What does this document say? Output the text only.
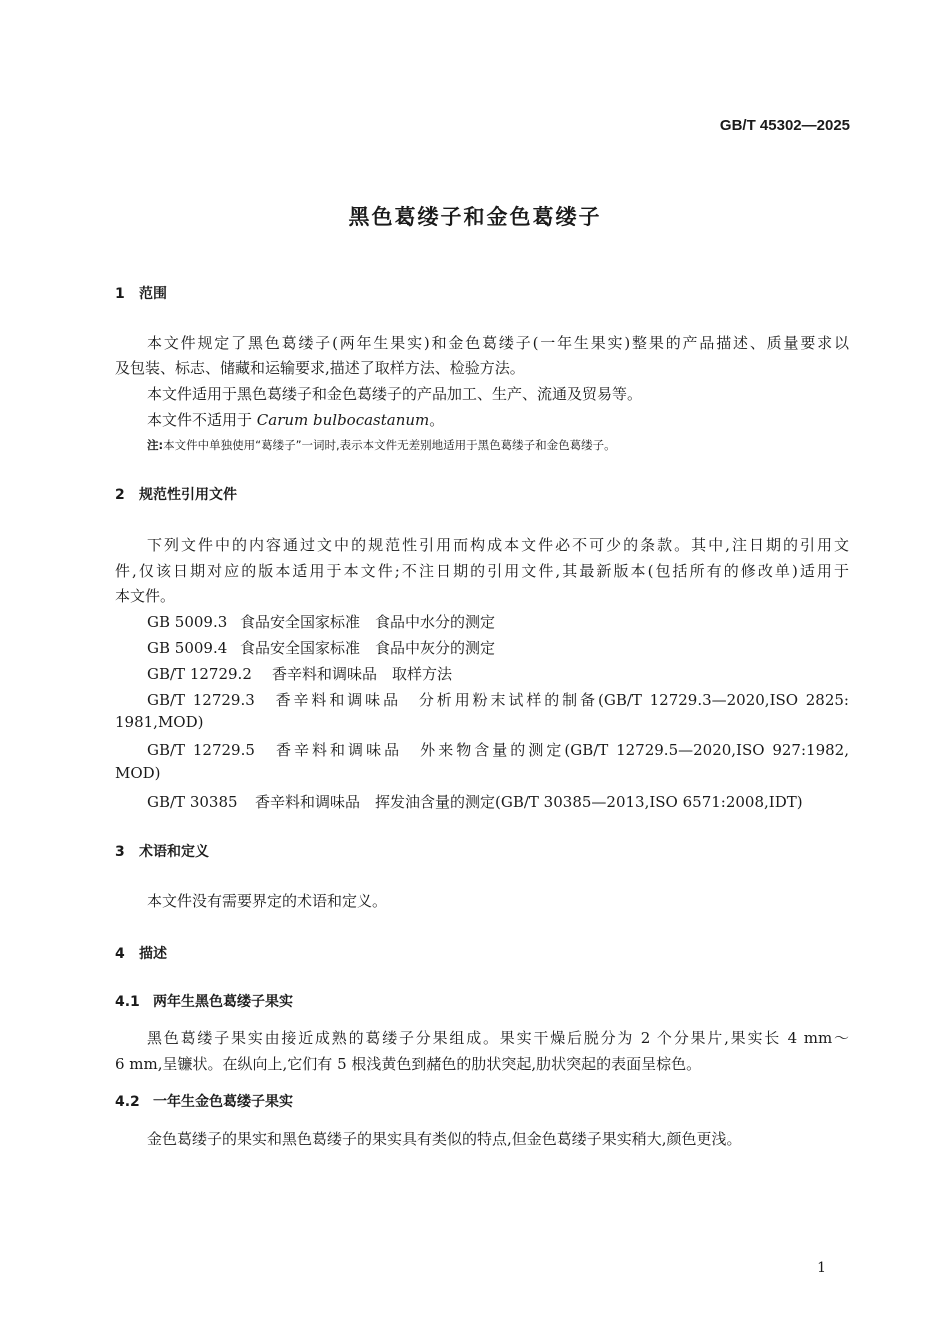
GB/T 45302—2025
黑色葛缕子和金色葛缕子
1 范围
本文件规定了黑色葛缕子(两年生果实)和金色葛缕子(一年生果实)整果的产品描述、质量要求以
及包装、标志、储藏和运输要求,描述了取样方法、检验方法。
本文件适用于黑色葛缕子和金色葛缕子的产品加工、生产、流通及贸易等。
本文件不适用于 Carum bulbocastanum。
注:本文件中单独使用“葛缕子”一词时,表示本文件无差别地适用于黑色葛缕子和金色葛缕子。
2 规范性引用文件
下列文件中的内容通过文中的规范性引用而构成本文件必不可少的条款。其中,注日期的引用文
件,仅该日期对应的版本适用于本文件;不注日期的引用文件,其最新版本(包括所有的修改单)适用于
本文件。
GB 5009.3 食品安全国家标准　食品中水分的测定
GB 5009.4 食品安全国家标准　食品中灰分的测定
GB/T 12729.2 香辛料和调味品　取样方法
GB/T 12729.3　 香辛料和调味品　分析用粉末试样的制备(GB/T 12729.3—2020,ISO 2825:
1981,MOD)
GB/T 12729.5　 香辛料和调味品　外来物含量的测定(GB/T 12729.5—2020,ISO 927:1982,
MOD)
GB/T 30385 香辛料和调味品　挥发油含量的测定(GB/T 30385—2013,ISO 6571:2008,IDT)
3 术语和定义
本文件没有需要界定的术语和定义。
4 描述
4.1 两年生黑色葛缕子果实
黑色葛缕子果实由接近成熟的葛缕子分果组成。果实干燥后脱分为 2 个分果片,果实长 4 mm～
6 mm,呈镰状。在纵向上,它们有 5 根浅黄色到赭色的肋状突起,肋状突起的表面呈棕色。
4.2 一年生金色葛缕子果实
金色葛缕子的果实和黑色葛缕子的果实具有类似的特点,但金色葛缕子果实稍大,颜色更浅。
1
